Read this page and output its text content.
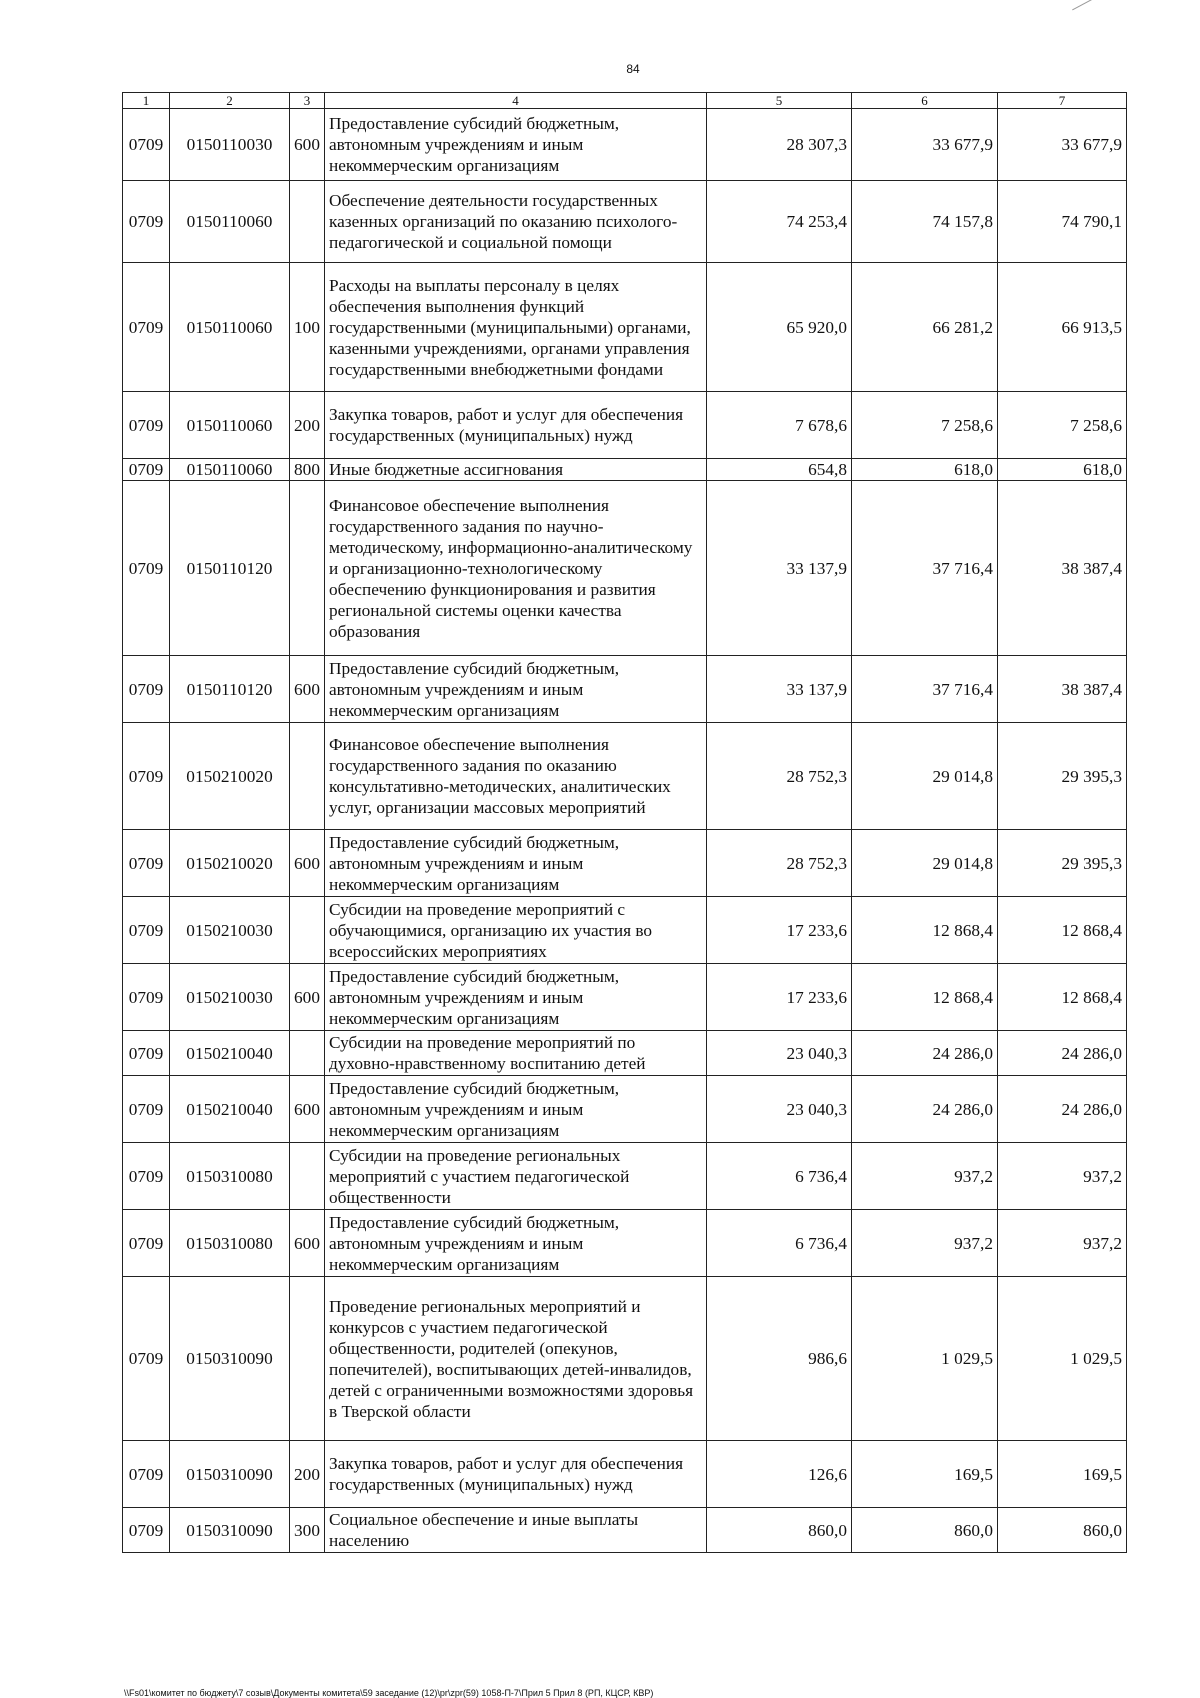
84
1	2	3	4	5	6	7
0709	0150110030	600	Предоставление субсидий бюджетным, автономным учреждениям и иным некоммерческим организациям	28 307,3	33 677,9	33 677,9
0709	0150110060		Обеспечение деятельности государственных казенных организаций по оказанию психолого-педагогической и социальной помощи	74 253,4	74 157,8	74 790,1
0709	0150110060	100	Расходы на выплаты персоналу в целях обеспечения выполнения функций государственными (муниципальными) органами, казенными учреждениями, органами управления государственными внебюджетными фондами	65 920,0	66 281,2	66 913,5
0709	0150110060	200	Закупка товаров, работ и услуг для обеспечения государственных (муниципальных) нужд	7 678,6	7 258,6	7 258,6
0709	0150110060	800	Иные бюджетные ассигнования	654,8	618,0	618,0
0709	0150110120		Финансовое обеспечение выполнения государственного задания по научно-методическому, информационно-аналитическому и организационно-технологическому обеспечению функционирования и развития региональной системы оценки качества образования	33 137,9	37 716,4	38 387,4
0709	0150110120	600	Предоставление субсидий бюджетным, автономным учреждениям и иным некоммерческим организациям	33 137,9	37 716,4	38 387,4
0709	0150210020		Финансовое обеспечение выполнения государственного задания по оказанию консультативно-методических, аналитических услуг, организации массовых мероприятий	28 752,3	29 014,8	29 395,3
0709	0150210020	600	Предоставление субсидий бюджетным, автономным учреждениям и иным некоммерческим организациям	28 752,3	29 014,8	29 395,3
0709	0150210030		Субсидии на проведение мероприятий с обучающимися, организацию их участия во всероссийских мероприятиях	17 233,6	12 868,4	12 868,4
0709	0150210030	600	Предоставление субсидий бюджетным, автономным учреждениям и иным некоммерческим организациям	17 233,6	12 868,4	12 868,4
0709	0150210040		Субсидии на проведение мероприятий по духовно-нравственному воспитанию детей	23 040,3	24 286,0	24 286,0
0709	0150210040	600	Предоставление субсидий бюджетным, автономным учреждениям и иным некоммерческим организациям	23 040,3	24 286,0	24 286,0
0709	0150310080		Субсидии на проведение региональных мероприятий с участием педагогической общественности	6 736,4	937,2	937,2
0709	0150310080	600	Предоставление субсидий бюджетным, автономным учреждениям и иным некоммерческим организациям	6 736,4	937,2	937,2
0709	0150310090		Проведение региональных мероприятий и конкурсов с участием педагогической общественности, родителей (опекунов, попечителей), воспитывающих детей-инвалидов, детей с ограниченными возможностями здоровья в Тверской области	986,6	1 029,5	1 029,5
0709	0150310090	200	Закупка товаров, работ и услуг для обеспечения государственных (муниципальных) нужд	126,6	169,5	169,5
0709	0150310090	300	Социальное обеспечение и иные выплаты населению	860,0	860,0	860,0
\\Fs01\комитет по бюджету\7 созыв\Документы комитета\59 заседание (12)\pr\zpr(59) 1058-П-7\Прил 5 Прил 8 (РП, КЦСР, КВР)
